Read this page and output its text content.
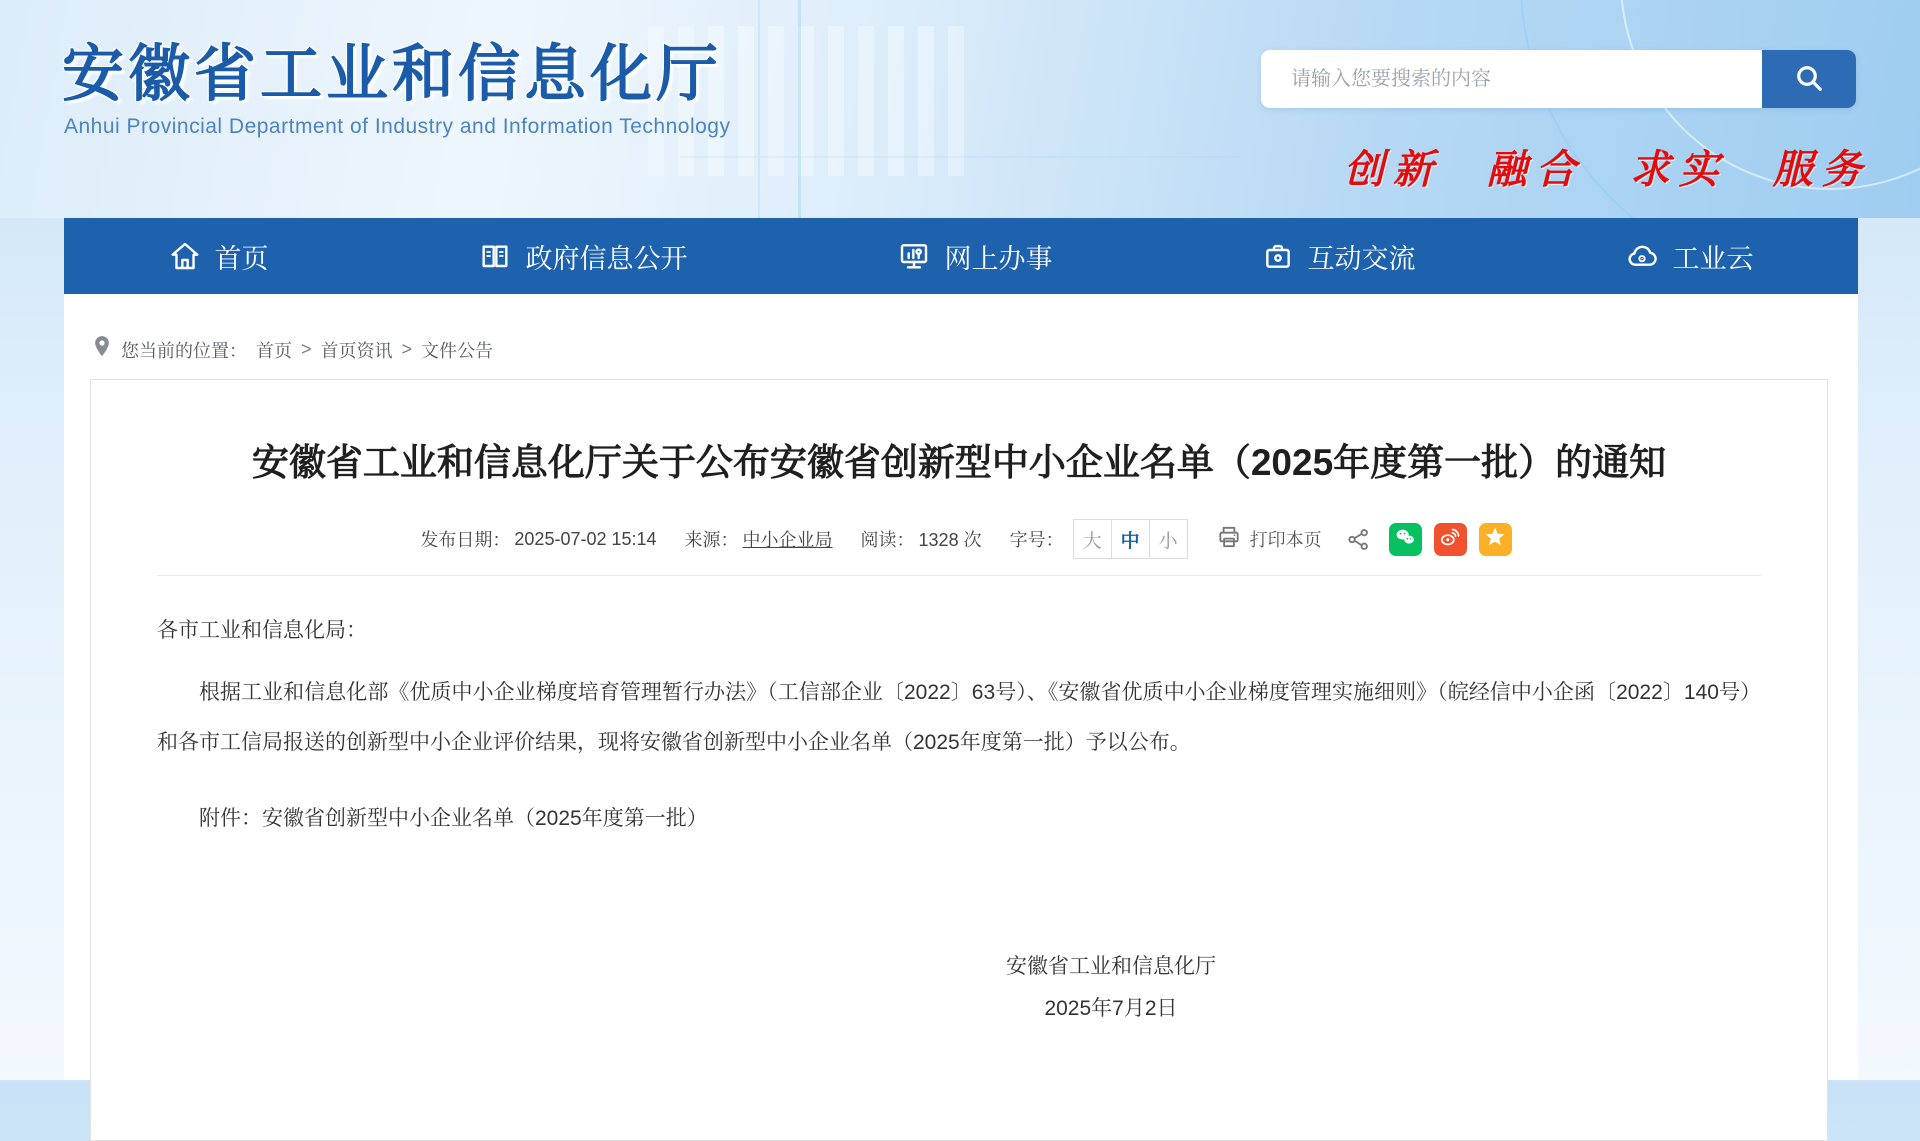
安徽省工业和信息化厅
Anhui Provincial Department of Industry and Information Technology
请输入您要搜索的内容
创新 融合 求实 服务
首页	政府信息公开	网上办事	互动交流	工业云
您当前的位置： 首页 > 首页资讯 > 文件公告
安徽省工业和信息化厅关于公布安徽省创新型中小企业名单（2025年度第一批）的通知
发布日期： 2025-07-02 15:14 来源： 中小企业局 阅读： 1328 次 字号： 大 中 小	打印本页
各市工业和信息化局：
根据工业和信息化部《优质中小企业梯度培育管理暂行办法》（工信部企业〔2022〕63号）、《安徽省优质中小企业梯度管理实施细则》（皖经信中小企函〔2022〕140号）和各市工信局报送的创新型中小企业评价结果，现将安徽省创新型中小企业名单（2025年度第一批）予以公布。
附件：安徽省创新型中小企业名单（2025年度第一批）
安徽省工业和信息化厅
2025年7月2日
